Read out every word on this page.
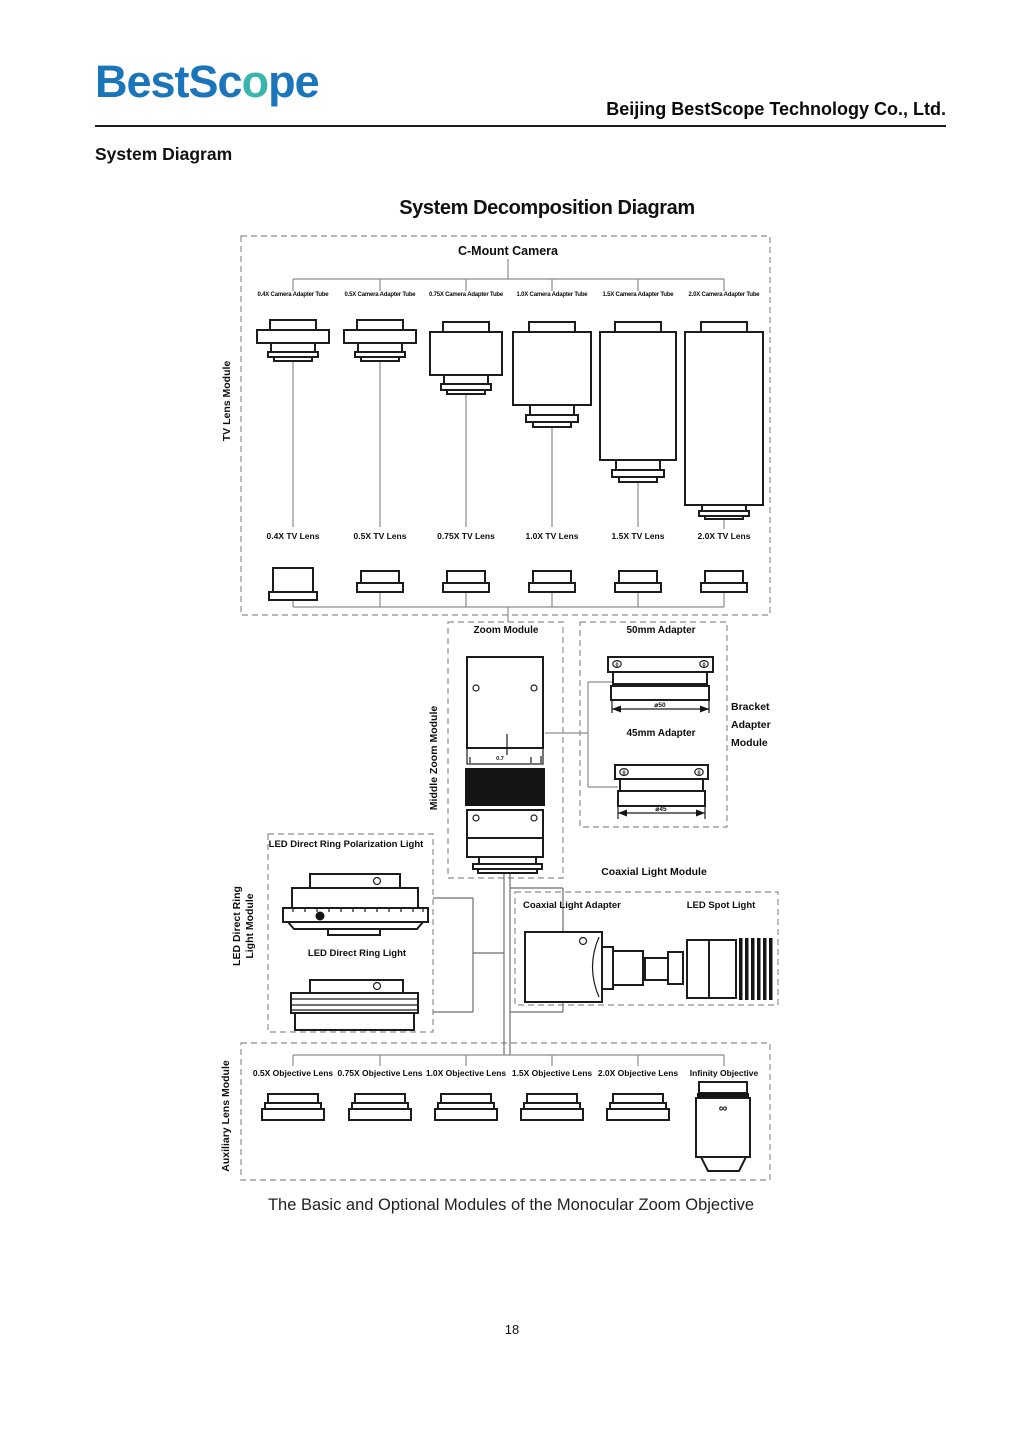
0.7
0	0
⌀50
0	0
⌀45
∞
BestScope
Beijing BestScope Technology Co., Ltd.
System Diagram
System Decomposition Diagram
C-Mount Camera
0.4X Camera Adapter Tube	0.5X Camera Adapter Tube 0.75X Camera Adapter Tube 1.0X Camera Adapter Tube	1.5X Camera Adapter Tube	2.0X Camera Adapter Tube
0.4X TV Lens	0.5X TV Lens	0.75X TV Lens	1.0X TV Lens	1.5X TV Lens	2.0X TV Lens
Zoom Module	50mm Adapter
45mm Adapter
Bracket
Adapter
Module
LED Direct Ring Polarization Light
LED Direct Ring Light
Coaxial Light Module
Coaxial Light Adapter	LED Spot Light
0.5X Objective Lens 0.75X Objective Lens 1.0X Objective Lens 1.5X Objective Lens 2.0X Objective Lens Infinity Objective
TV Lens Module
Middle Zoom Module
LED Direct Ring Light Module
Auxiliary Lens Module
The Basic and Optional Modules of the Monocular Zoom Objective
18
